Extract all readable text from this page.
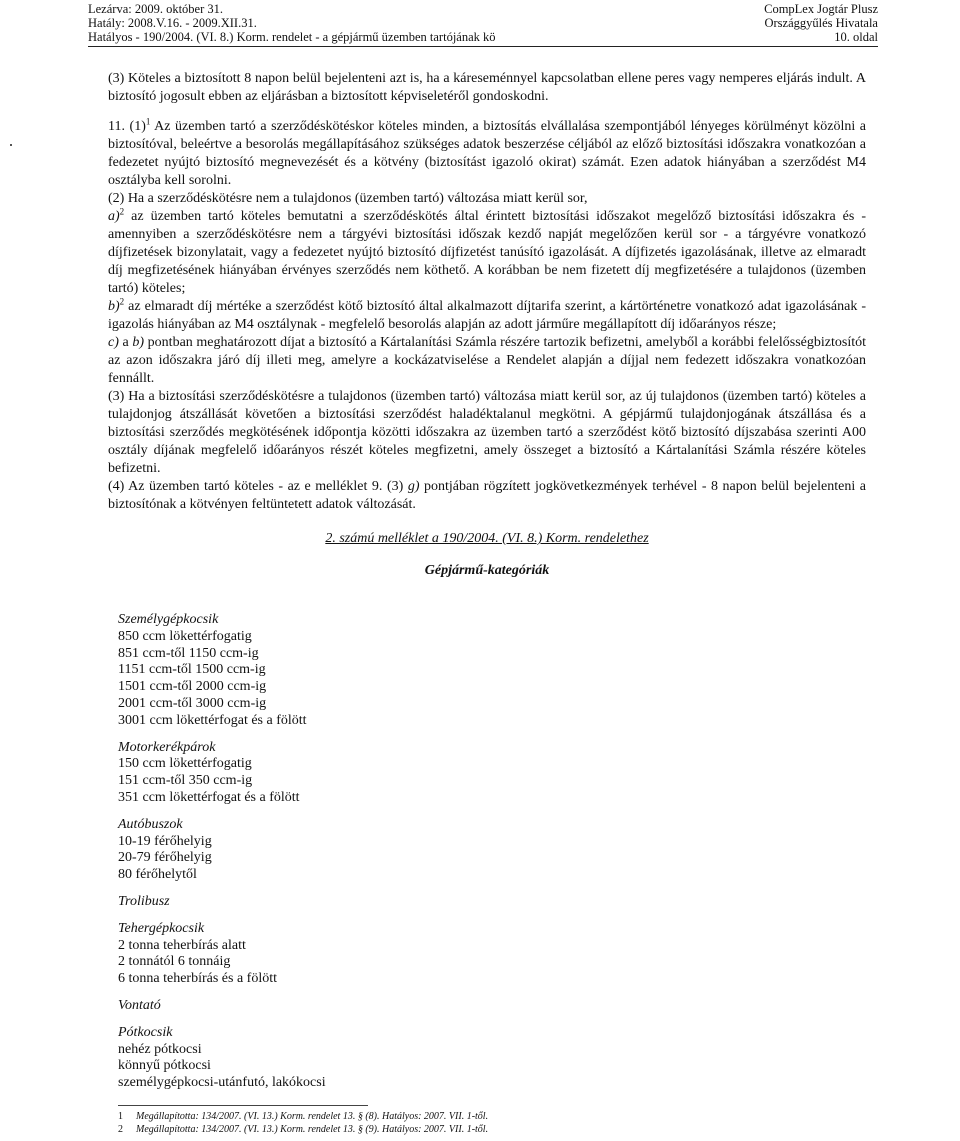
Lezárva: 2009. október 31.
Hatály: 2008.V.16. - 2009.XII.31.
Hatályos - 190/2004. (VI. 8.) Korm. rendelet - a gépjármű üzemben tartójának kö
CompLex Jogtár Plusz
Országgyűlés Hivatala
10. oldal

(3) Köteles a biztosított 8 napon belül bejelenteni azt is, ha a káreseménnyel kapcsolatban ellene peres vagy nemperes eljárás indult. A biztosító jogosult ebben az eljárásban a biztosított képviseletéről gondoskodni.

11. $(1)^1$ Az üzemben tartó a szerződéskötéskor köteles minden, a biztosítás elvállalása szempontjából lényeges körülményt közölni a biztosítóval, beleértve a besorolás megállapításához szükséges adatok beszerzése céljából az előző biztosítási időszakra vonatkozóan a fedezetet nyújtó biztosító megnevezését és a kötvény (biztosítást igazoló okirat) számát. Ezen adatok hiányában a szerződést M4 osztályba kell sorolni.

(2) Ha a szerződéskötésre nem a tulajdonos (üzemben tartó) változása miatt kerül sor,

a)$^2$ az üzemben tartó köteles bemutatni a szerződéskötés által érintett biztosítási időszakot megelőző biztosítási időszakra és - amennyiben a szerződéskötésre nem a tárgyévi biztosítási időszak kezdő napját megelőzően kerül sor - a tárgyévre vonatkozó díjfizetések bizonylatait, vagy a fedezetet nyújtó biztosító díjfizetést tanúsító igazolását. A díjfizetés igazolásának, illetve az elmaradt díj megfizetésének hiányában érvényes szerződés nem köthető. A korábban be nem fizetett díj megfizetésére a tulajdonos (üzemben tartó) köteles;

b)$^2$ az elmaradt díj mértéke a szerződést kötő biztosító által alkalmazott díjtarifa szerint, a kártörténetre vonatkozó adat igazolásának - igazolás hiányában az M4 osztálynak - megfelelő besorolás alapján az adott járműre megállapított díj időarányos része;

c) a b) pontban meghatározott díjat a biztosító a Kártalanítási Számla részére tartozik befizetni, amelyből a korábbi felelősségbiztosítót az azon időszakra járó díj illeti meg, amelyre a kockázatviselése a Rendelet alapján a díjjal nem fedezett időszakra vonatkozóan fennállt.

(3) Ha a biztosítási szerződéskötésre a tulajdonos (üzemben tartó) változása miatt kerül sor, az új tulajdonos (üzemben tartó) köteles a tulajdonjog átszállását követően a biztosítási szerződést haladéktalanul megkötni. A gépjármű tulajdonjogának átszállása és a biztosítási szerződés megkötésének időpontja közötti időszakra az üzemben tartó a szerződést kötő biztosító díjszabása szerinti A00 osztály díjának megfelelő időarányos részét köteles megfizetni, amely összeget a biztosító a Kártalanítási Számla részére köteles befizetni.

(4) Az üzemben tartó köteles - az e melléklet 9. (3) g) pontjában rögzített jogkövetkezmények terhével - 8 napon belül bejelenteni a biztosítónak a kötvényen feltüntetett adatok változását.

2. számú melléklet a 190/2004. (VI. 8.) Korm. rendelethez

Gépjármű-kategóriák

Személygépkocsik
850 ccm lökettérfogatig
851 ccm-től 1150 ccm-ig
1151 ccm-től 1500 ccm-ig
1501 ccm-től 2000 ccm-ig
2001 ccm-től 3000 ccm-ig
3001 ccm lökettérfogat és a fölött
Motorkerékpárok
150 ccm lökettérfogatig
151 ccm-től 350 ccm-ig
351 ccm lökettérfogat és a fölött
Autóbuszok
10-19 férőhelyig
20-79 férőhelyig
80 férőhelytől
Trolibusz
Tehergépkocsik
2 tonna teherbírás alatt
2 tonnától 6 tonnáig
6 tonna teherbírás és a fölött
Vontató
Pótkocsik
nehéz pótkocsi
könnyű pótkocsi
személygépkocsi-utánfutó, lakókocsi
1 Megállapította: 134/2007. (VI. 13.) Korm. rendelet 13. § (8). Hatályos: 2007. VII. 1-től.
2 Megállapította: 134/2007. (VI. 13.) Korm. rendelet 13. § (9). Hatályos: 2007. VII. 1-től.
